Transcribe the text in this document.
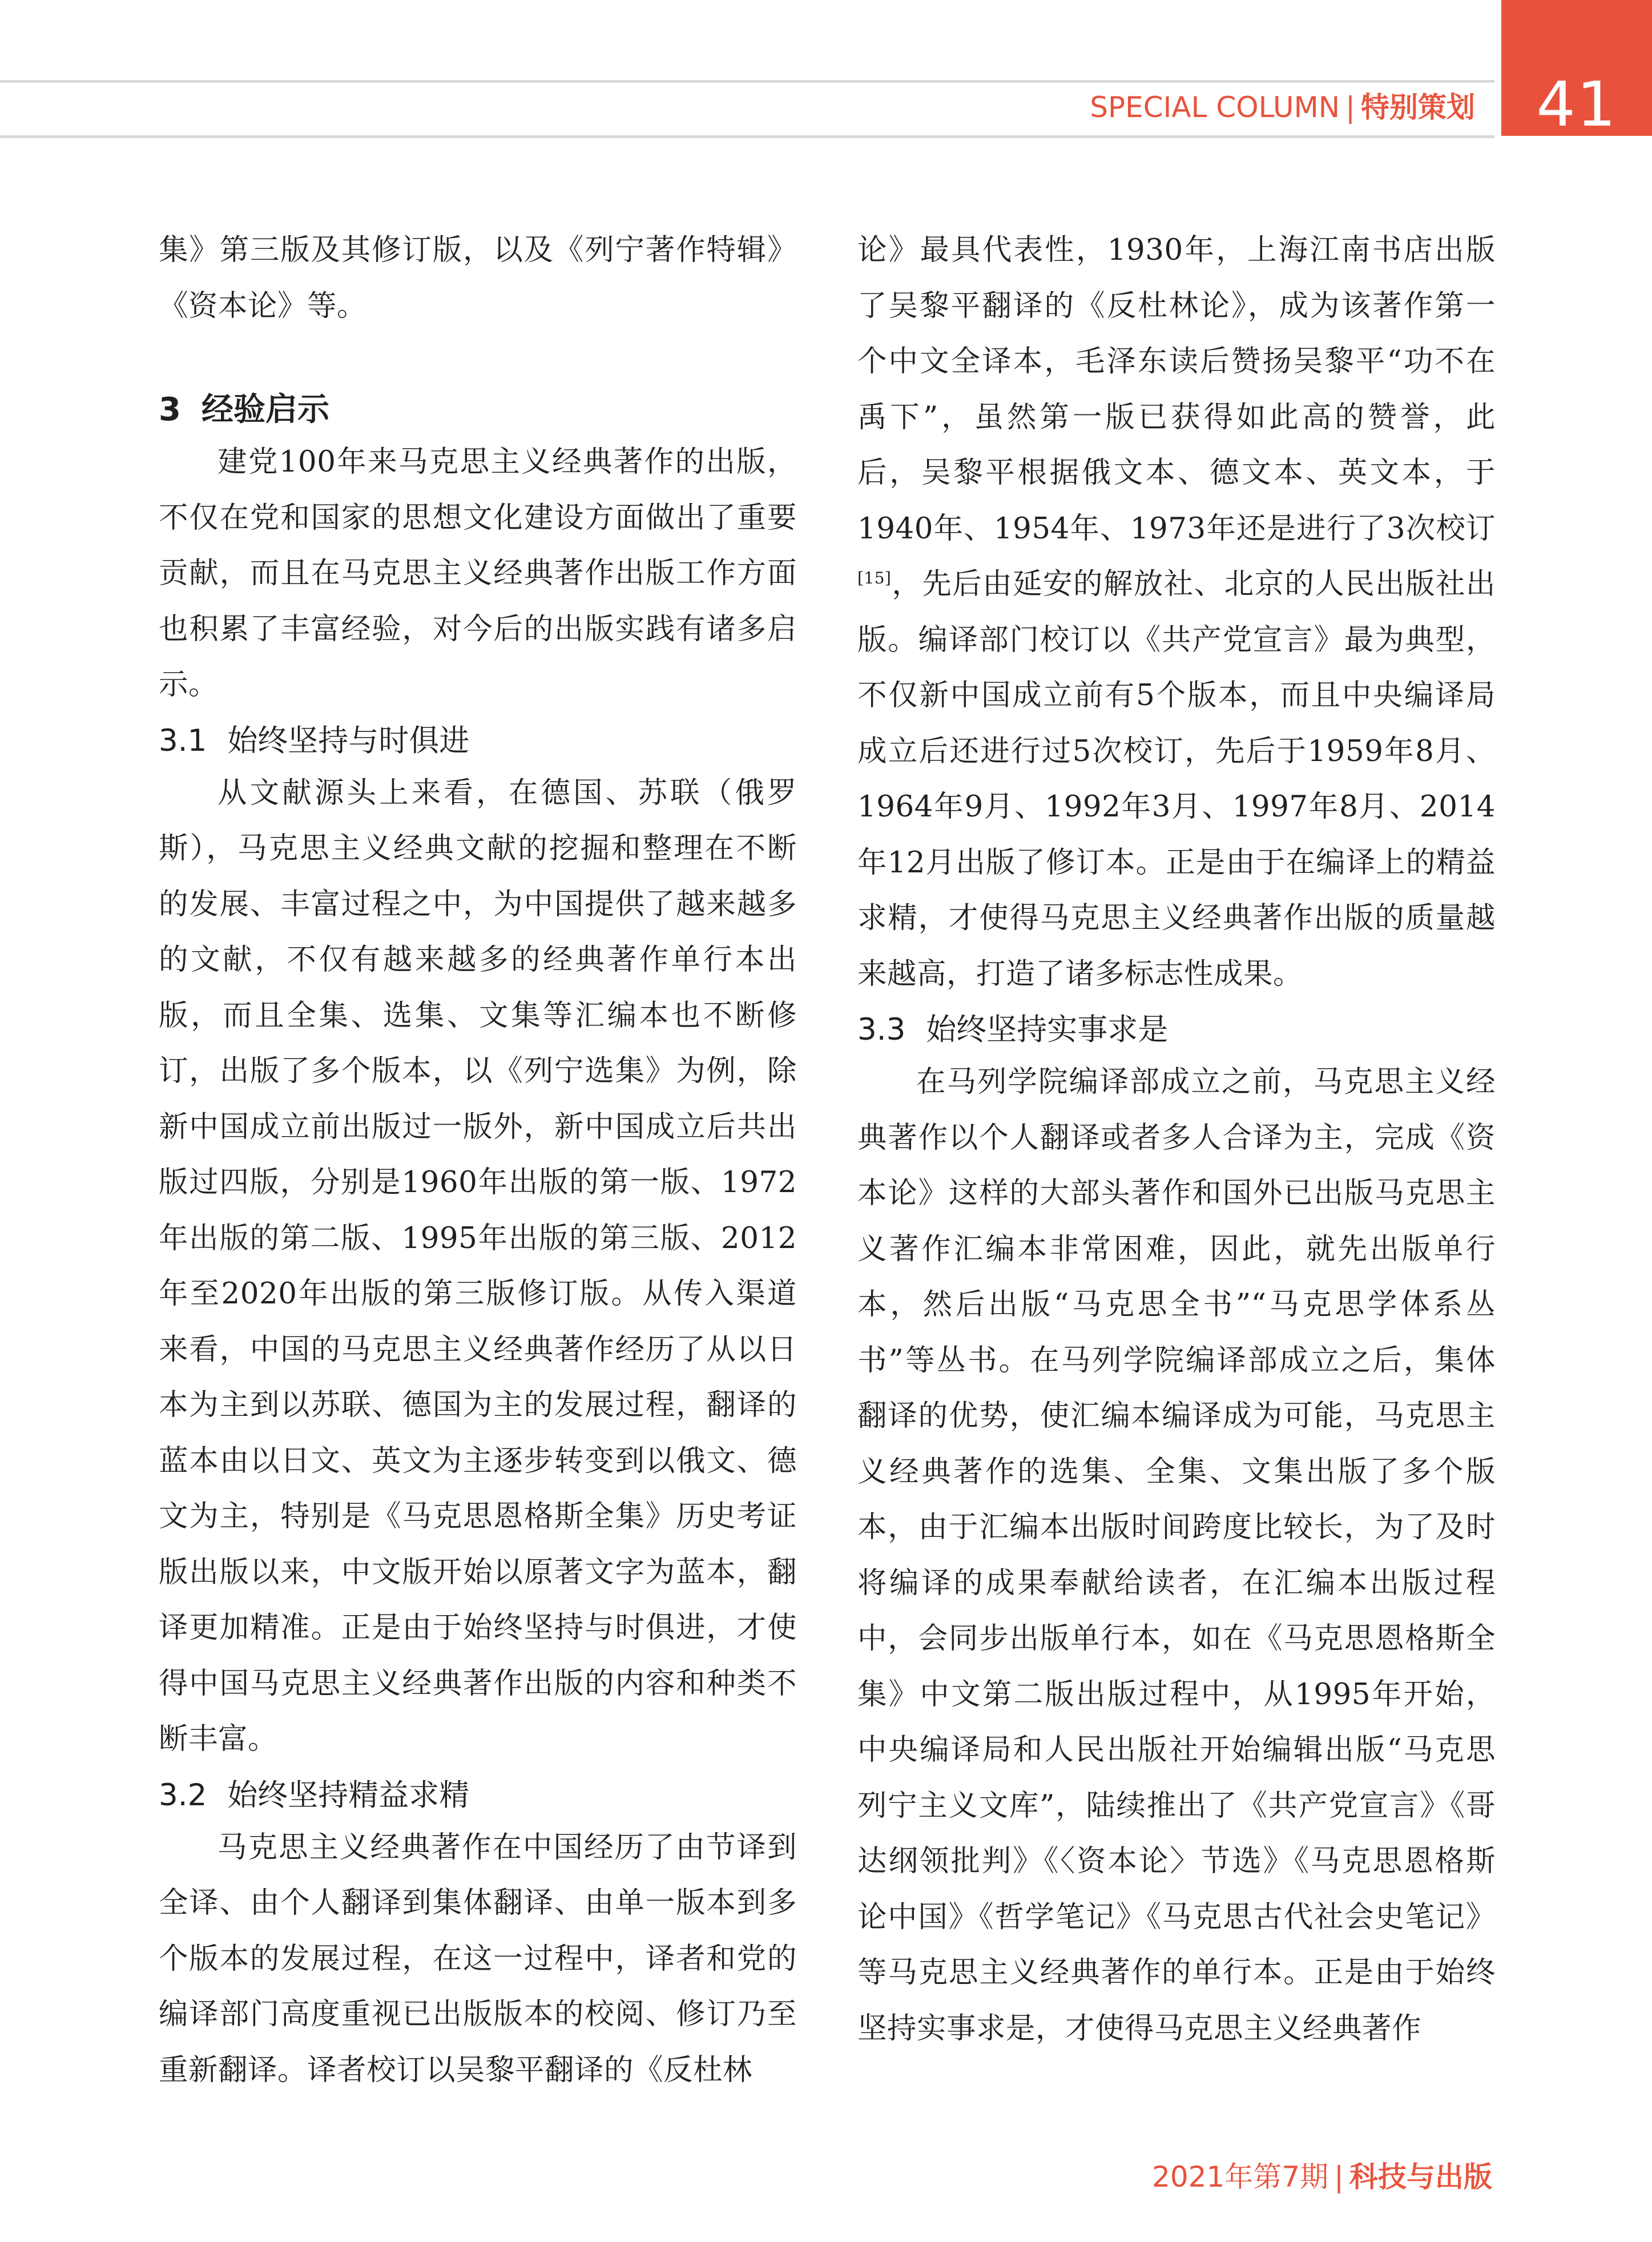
SPECIAL COLUMN | 特别策划 41

集》第三版及其修订版，以及《列宁著作特辑》《资本论》等。

3 经验启示

建党100年来马克思主义经典著作的出版，不仅在党和国家的思想文化建设方面做出了重要贡献，而且在马克思主义经典著作出版工作方面也积累了丰富经验，对今后的出版实践有诸多启示。

3.1 始终坚持与时俱进

从文献源头上来看，在德国、苏联（俄罗斯），马克思主义经典文献的挖掘和整理在不断的发展、丰富过程之中，为中国提供了越来越多的文献，不仅有越来越多的经典著作单行本出版，而且全集、选集、文集等汇编本也不断修订，出版了多个版本，以《列宁选集》为例，除新中国成立前出版过一版外，新中国成立后共出版过四版，分别是1960年出版的第一版、1972年出版的第二版、1995年出版的第三版、2012年至2020年出版的第三版修订版。从传入渠道来看，中国的马克思主义经典著作经历了从以日本为主到以苏联、德国为主的发展过程，翻译的蓝本由以日文、英文为主逐步转变到以俄文、德文为主，特别是《马克思恩格斯全集》历史考证版出版以来，中文版开始以原著文字为蓝本，翻译更加精准。正是由于始终坚持与时俱进，才使得中国马克思主义经典著作出版的内容和种类不断丰富。

3.2 始终坚持精益求精

马克思主义经典著作在中国经历了由节译到全译、由个人翻译到集体翻译、由单一版本到多个版本的发展过程，在这一过程中，译者和党的编译部门高度重视已出版版本的校阅、修订乃至重新翻译。译者校订以吴黎平翻译的《反杜林

论》最具代表性，1930年，上海江南书店出版了吴黎平翻译的《反杜林论》，成为该著作第一个中文全译本，毛泽东读后赞扬吴黎平“功不在禹下”，虽然第一版已获得如此高的赞誉，此后，吴黎平根据俄文本、德文本、英文本，于1940年、1954年、1973年还是进行了3次校订[15]，先后由延安的解放社、北京的人民出版社出版。编译部门校订以《共产党宣言》最为典型，不仅新中国成立前有5个版本，而且中央编译局成立后还进行过5次校订，先后于1959年8月、1964年9月、1992年3月、1997年8月、2014年12月出版了修订本。正是由于在编译上的精益求精，才使得马克思主义经典著作出版的质量越来越高，打造了诸多标志性成果。

3.3 始终坚持实事求是

在马列学院编译部成立之前，马克思主义经典著作以个人翻译或者多人合译为主，完成《资本论》这样的大部头著作和国外已出版马克思主义著作汇编本非常困难，因此，就先出版单行本，然后出版“马克思全书”“马克思学体系丛书”等丛书。在马列学院编译部成立之后，集体翻译的优势，使汇编本编译成为可能，马克思主义经典著作的选集、全集、文集出版了多个版本，由于汇编本出版时间跨度比较长，为了及时将编译的成果奉献给读者，在汇编本出版过程中，会同步出版单行本，如在《马克思恩格斯全集》中文第二版出版过程中，从1995年开始，中央编译局和人民出版社开始编辑出版“马克思列宁主义文库”，陆续推出了《共产党宣言》《哥达纲领批判》《〈资本论〉节选》《马克思恩格斯论中国》《哲学笔记》《马克思古代社会史笔记》等马克思主义经典著作的单行本。正是由于始终坚持实事求是，才使得马克思主义经典著作

2021年第7期 | 科技与出版
